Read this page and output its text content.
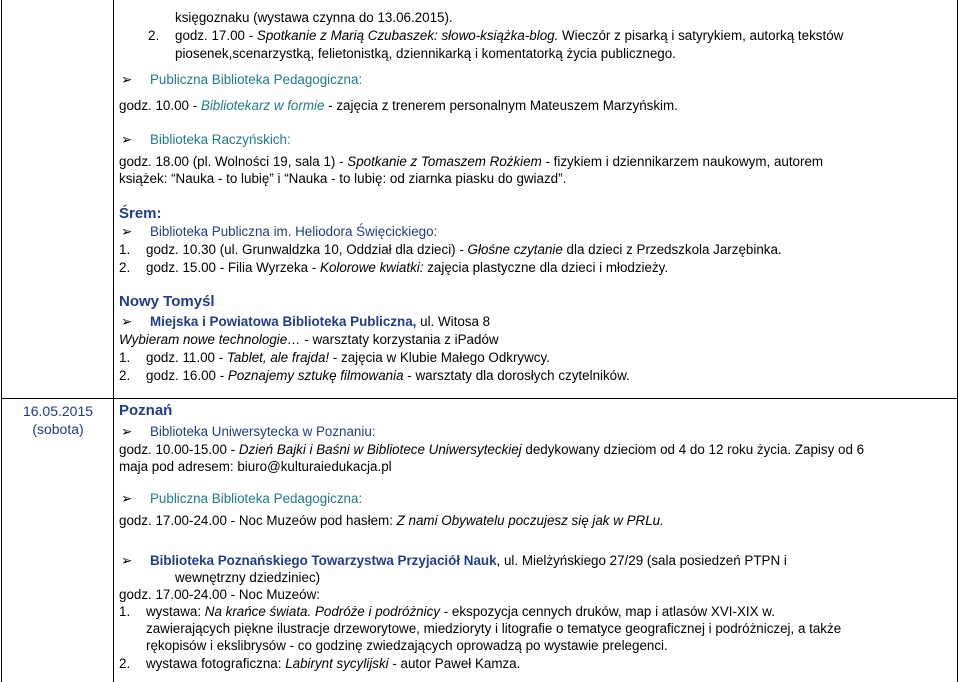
księgoznaku (wystawa czynna do 13.06.2015).
2. godz. 17.00 - Spotkanie z Marią Czubaszek: słowo-książka-blog. Wieczór z pisarką i satyrykiem, autorką tekstów
piosenek,scenarzystką, felietonistką, dziennikarką i komentatorką życia publicznego.
➢ Publiczna Biblioteka Pedagogiczna:
godz. 10.00 - Bibliotekarz w formie - zajęcia z trenerem personalnym Mateuszem Marzyńskim.
➢ Biblioteka Raczyńskich:
godz. 18.00 (pl. Wolności 19, sala 1) - Spotkanie z Tomaszem Rożkiem - fizykiem i dziennikarzem naukowym, autorem
książek: “Nauka - to lubię” i “Nauka - to lubię: od ziarnka piasku do gwiazd”.
Śrem:
➢ Biblioteka Publiczna im. Heliodora Święcickiego:
1. godz. 10.30 (ul. Grunwaldzka 10, Oddział dla dzieci) - Głośne czytanie dla dzieci z Przedszkola Jarzębinka.
2. godz. 15.00 - Filia Wyrzeka - Kolorowe kwiatki: zajęcia plastyczne dla dzieci i młodzieży.
Nowy Tomyśl
➢ Miejska i Powiatowa Biblioteka Publiczna, ul. Witosa 8
Wybieram nowe technologie… - warsztaty korzystania z iPadów
1. godz. 11.00 - Tablet, ale frajda! - zajęcia w Klubie Małego Odkrywcy.
2. godz. 16.00 - Poznajemy sztukę filmowania - warsztaty dla dorosłych czytelników.
16.05.2015
(sobota)
Poznań
➢ Biblioteka Uniwersytecka w Poznaniu:
godz. 10.00-15.00 - Dzień Bajki i Baśni w Bibliotece Uniwersyteckiej dedykowany dzieciom od 4 do 12 roku życia. Zapisy od 6
maja pod adresem: biuro@kulturaiedukacja.pl
➢ Publiczna Biblioteka Pedagogiczna:
godz. 17.00-24.00 - Noc Muzeów pod hasłem: Z nami Obywatelu poczujesz się jak w PRLu.
➢ Biblioteka Poznańskiego Towarzystwa Przyjaciół Nauk, ul. Mielżyńskiego 27/29 (sala posiedzeń PTPN i
wewnętrzny dziedziniec)
godz. 17.00-24.00 - Noc Muzeów:
1. wystawa: Na krańce świata. Podróże i podróżnicy - ekspozycja cennych druków, map i atlasów XVI-XIX w.
zawierających piękne ilustracje drzeworytowe, miedzioryty i litografie o tematyce geograficznej i podróżniczej, a także
rękopisów i ekslibrysów - co godzinę zwiedzających oprowadzą po wystawie prelegenci.
2. wystawa fotograficzna: Labirynt sycylijski - autor Paweł Kamza.
